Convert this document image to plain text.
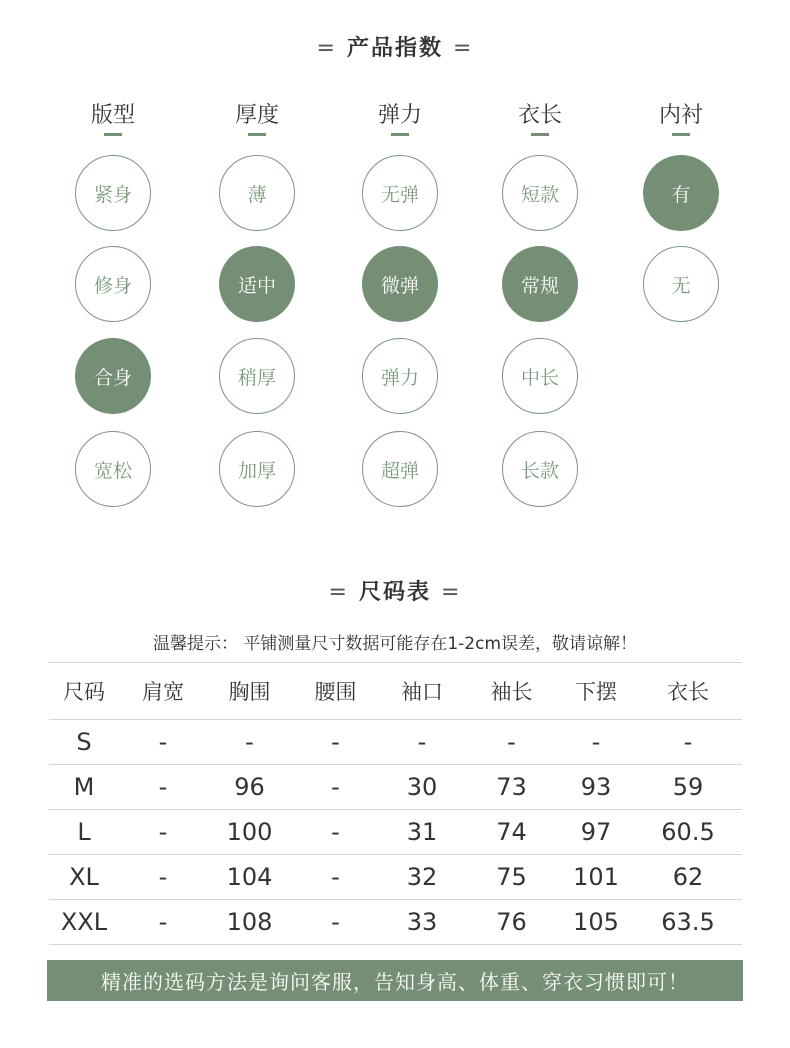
= 产品指数 =
版型
紧身
修身
合身
宽松
厚度
薄
适中
稍厚
加厚
弹力
无弹
微弹
弹力
超弹
衣长
短款
常规
中长
长款
内衬
有
无
= 尺码表 =
温馨提示： 平铺测量尺寸数据可能存在1-2cm误差，敬请谅解！
尺码	肩宽	胸围	腰围	袖口	袖长	下摆	衣长
S	-	-	-	-	-	-	-
M	-	96	-	30	73	93	59
L	-	100	-	31	74	97	60.5
XL	-	104	-	32	75	101	62
XXL	-	108	-	33	76	105	63.5
精准的选码方法是询问客服，告知身高、体重、穿衣习惯即可！
